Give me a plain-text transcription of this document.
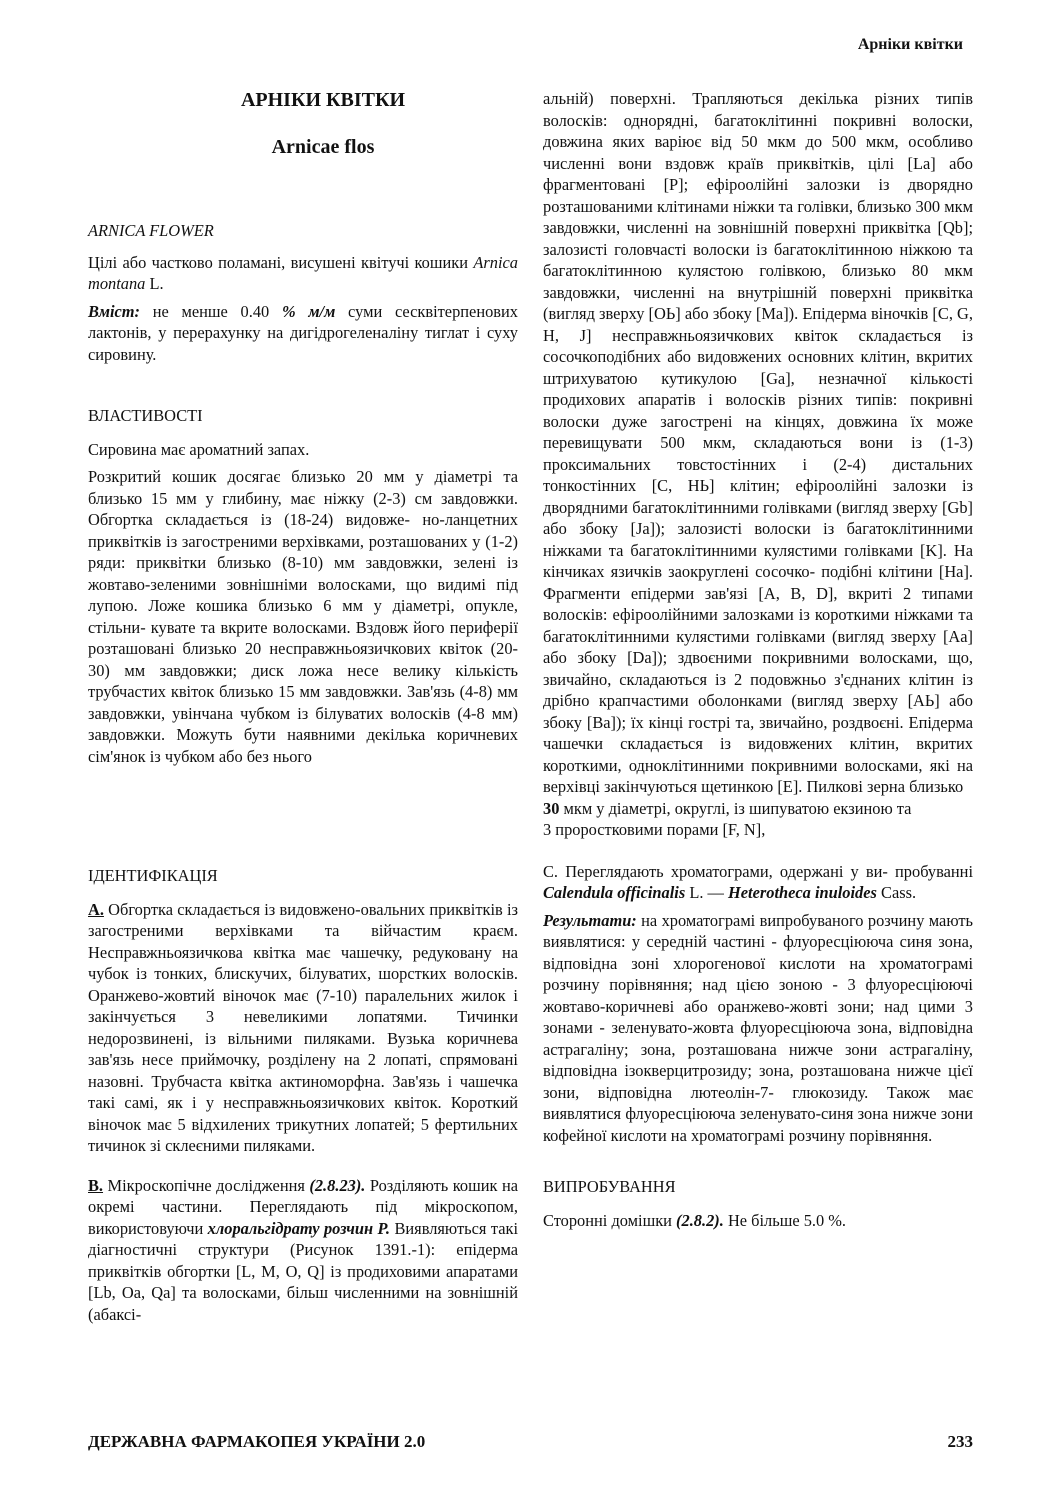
Арніки квітки
АРНІКИ КВІТКИ
Arnicae flos

ARNICA FLOWER

Цілі або частково поламані, висушені квітучі кошики Arnica montana L.

Вміст: не менше 0.40 % м/м суми сесквітерпенових лактонів, у перерахунку на дигідрогеленаліну тиглат і суху сировину.

ВЛАСТИВОСТІ

Сировина має ароматний запах.

Розкритий кошик досягає близько 20 мм у діаметрі та близько 15 мм у глибину, має ніжку (2-3) см завдовжки. Обгортка складається із (18-24) видовже- но-ланцетних приквітків із загостреними верхівками, розташованих у (1-2) ряди: приквітки близько (8-10) мм завдовжки, зелені із жовтаво-зеленими зовнішніми волосками, що видимі під лупою. Ложе кошика близько 6 мм у діаметрі, опукле, стільни- кувате та вкрите волосками. Вздовж його периферії розташовані близько 20 несправжньоязичкових квіток (20-30) мм завдовжки; диск ложа несе велику кількість трубчастих квіток близько 15 мм завдовжки. Зав'язь (4-8) мм завдовжки, увінчана чубком із білуватих волосків (4-8 мм) завдовжки. Можуть бути наявними декілька коричневих сім'янок із чубком або без нього

ІДЕНТИФІКАЦІЯ

А. Обгортка складається із видовжено-овальних приквітків із загостреними верхівками та війчастим краєм. Несправжньоязичкова квітка має чашечку, редуковану на чубок із тонких, блискучих, білуватих, шорстких волосків. Оранжево-жовтий віночок має (7-10) паралельних жилок і закінчується 3 невеликими лопатями. Тичинки недорозвинені, із вільними пиляками. Вузька коричнева зав'язь несе приймочку, розділену на 2 лопаті, спрямовані назовні. Трубчаста квітка актиноморфна. Зав'язь і чашечка такі самі, як і у несправжньоязичкових квіток. Короткий віночок має 5 відхилених трикутних лопатей; 5 фертильних тичинок зі склеєними пиляками.

В. Мікроскопічне дослідження (2.8.23). Розділяють кошик на окремі частини. Переглядають під мікроскопом, використовуючи хлоральгідрату розчин Р. Виявляються такі діагностичні структури (Рисунок 1391.-1): епідерма приквітків обгортки [L, M, O, Q] із продиховими апаратами [Lb, Oa, Qa] та волосками, більш численними на зовнішній (абаксі-

альній) поверхні. Трапляються декілька різних типів волосків: однорядні, багатоклітинні покривні волоски, довжина яких варіює від 50 мкм до 500 мкм, особливо численні вони вздовж країв приквітків, цілі [La] або фрагментовані [P]; ефіроолійні залозки із дворядно розташованими клітинами ніжки та голівки, близько 300 мкм завдовжки, численні на зовнішній поверхні приквітка [Qb]; залозисті головчасті волоски із багатоклітинною ніжкою та багатоклітинною кулястою голівкою, близько 80 мкм завдовжки, численні на внутрішній поверхні приквітка (вигляд зверху [ОЬ] або збоку [Ma]). Епідерма віночків [C, G, H, J] несправжньоязичкових квіток складається із сосочкоподібних або видовжених основних клітин, вкритих штрихуватою кутикулою [Ga], незначної кількості продихових апаратів і волосків різних типів: покривні волоски дуже загострені на кінцях, довжина їх може перевищувати 500 мкм, складаються вони із (1-3) проксимальних товстостінних і (2-4) дистальних тонкостінних [C, НЬ] клітин; ефіроолійні залозки із дворядними багатоклітинними голівками (вигляд зверху [Gb] або збоку [Ja]); залозисті волоски із багатоклітинними ніжками та багатоклітинними кулястими голівками [K]. На кінчиках язичків заокруглені сосочко- подібні клітини [Ha]. Фрагменти епідерми зав'язі [A, B, D], вкриті 2 типами волосків: ефіроолійними залозками із короткими ніжками та багатоклітинними кулястими голівками (вигляд зверху [Aa] або збоку [Da]); здвоєними покривними волосками, що, звичайно, складаються із 2 подовжньо з'єднаних клітин із дрібно крапчастими оболонками (вигляд зверху [АЬ] або збоку [Ba]); їх кінці гострі та, звичайно, роздвоєні. Епідерма чашечки складається із видовжених клітин, вкритих короткими, одноклітинними покривними волосками, які на верхівці закінчуються щетинкою [E]. Пилкові зерна близько

30 мкм у діаметрі, округлі, із шипуватою екзиною та

3 проростковими порами [F, N],

С. Переглядають хроматограми, одержані у ви- пробуванні Calendula officinalis L. — Heterotheca inuloides Cass.

Результати: на хроматограмі випробуваного розчину мають виявлятися: у середній частині - флуоресціююча синя зона, відповідна зоні хлорогенової кислоти на хроматограмі розчину порівняння; над цією зоною - 3 флуоресціюючі жовтаво-коричневі або оранжево-жовті зони; над цими 3 зонами - зеленувато-жовта флуоресціююча зона, відповідна астрагаліну; зона, розташована нижче зони астрагаліну, відповідна ізокверцитрозиду; зона, розташована нижче цієї зони, відповідна лютеолін-7- глюкозиду. Також має виявлятися флуоресціююча зеленувато-синя зона нижче зони кофейної кислоти на хроматограмі розчину порівняння.

ВИПРОБУВАННЯ

Сторонні домішки (2.8.2). Не більше 5.0 %.

ДЕРЖАВНА ФАРМАКОПЕЯ УКРАЇНИ 2.0	233
